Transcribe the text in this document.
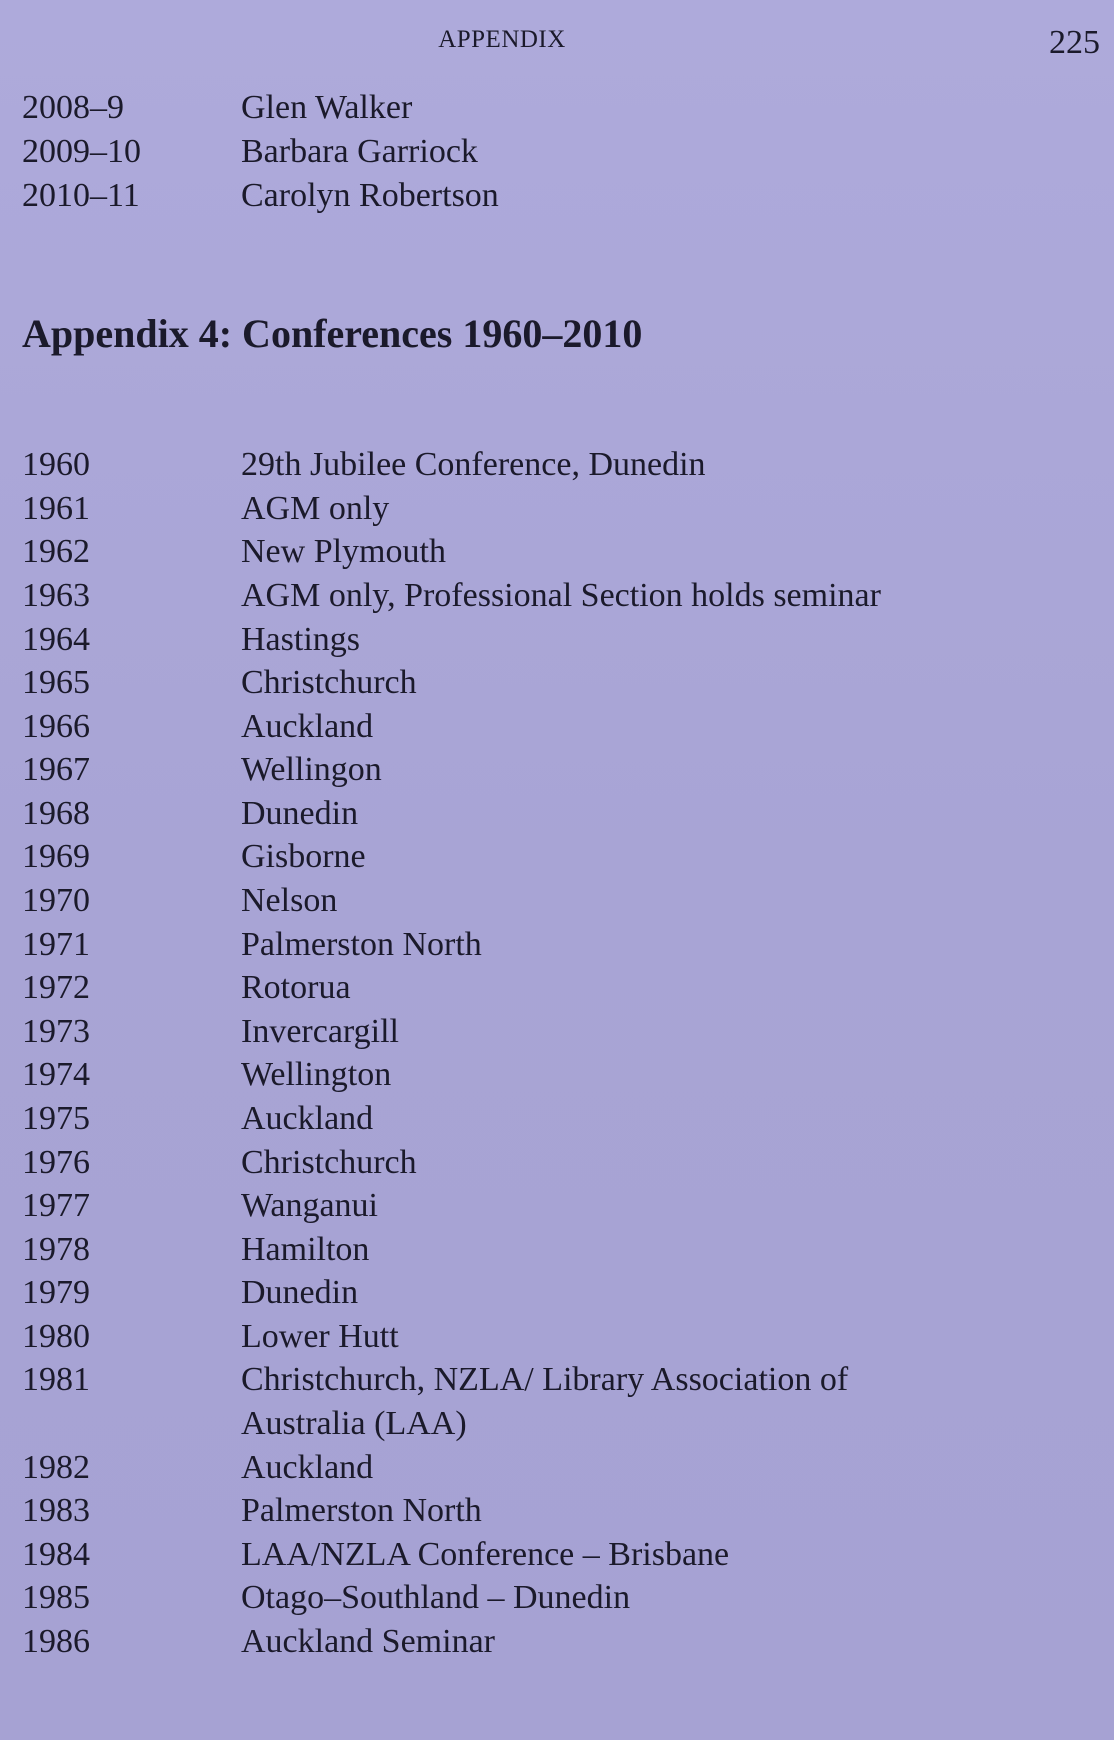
APPENDIX	225
2008–9	Glen Walker
2009–10	Barbara Garriock
2010–11	Carolyn Robertson
Appendix 4: Conferences 1960–2010
1960	29th Jubilee Conference, Dunedin
1961	AGM only
1962	New Plymouth
1963	AGM only, Professional Section holds seminar
1964	Hastings
1965	Christchurch
1966	Auckland
1967	Wellingon
1968	Dunedin
1969	Gisborne
1970	Nelson
1971	Palmerston North
1972	Rotorua
1973	Invercargill
1974	Wellington
1975	Auckland
1976	Christchurch
1977	Wanganui
1978	Hamilton
1979	Dunedin
1980	Lower Hutt
1981	Christchurch, NZLA/ Library Association of
Australia (LAA)
1982	Auckland
1983	Palmerston North
1984	LAA/NZLA Conference – Brisbane
1985	Otago–Southland – Dunedin
1986	Auckland Seminar
